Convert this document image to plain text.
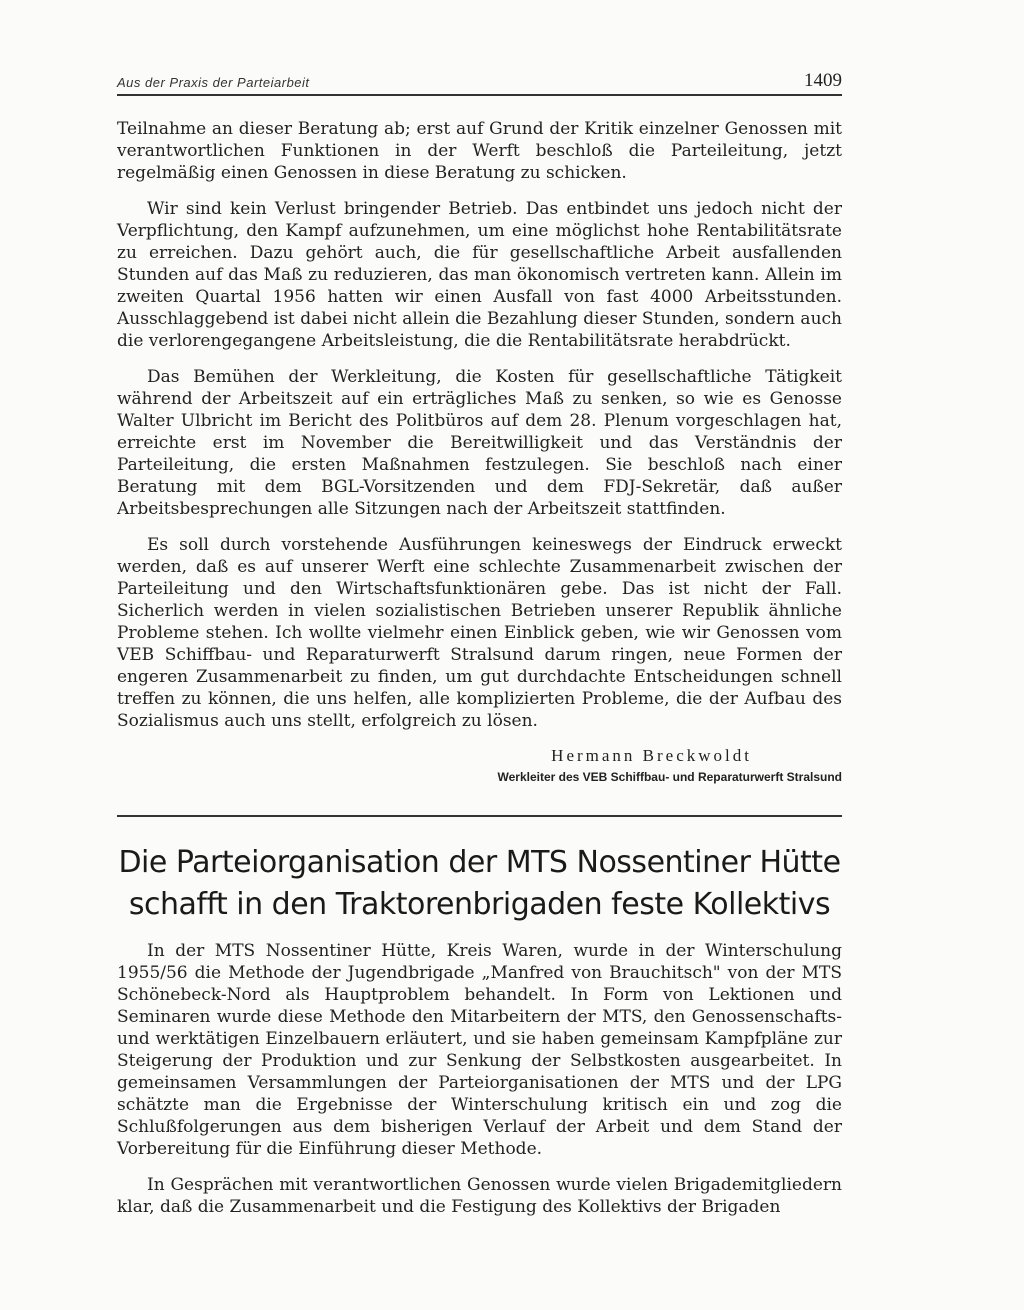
Aus der Praxis der Parteiarbeit	1409

Teilnahme an dieser Beratung ab; erst auf Grund der Kritik einzelner Genossen mit verantwortlichen Funktionen in der Werft beschloß die Parteileitung, jetzt regelmäßig einen Genossen in diese Beratung zu schicken.

Wir sind kein Verlust bringender Betrieb. Das entbindet uns jedoch nicht der Verpflichtung, den Kampf aufzunehmen, um eine möglichst hohe Rentabilitätsrate zu erreichen. Dazu gehört auch, die für gesellschaftliche Arbeit ausfallenden Stunden auf das Maß zu reduzieren, das man ökonomisch vertreten kann. Allein im zweiten Quartal 1956 hatten wir einen Ausfall von fast 4000 Arbeitsstunden. Ausschlaggebend ist dabei nicht allein die Bezahlung dieser Stunden, sondern auch die verlorengegangene Arbeitsleistung, die die Rentabilitätsrate herabdrückt.

Das Bemühen der Werkleitung, die Kosten für gesellschaftliche Tätigkeit während der Arbeitszeit auf ein erträgliches Maß zu senken, so wie es Genosse Walter Ulbricht im Bericht des Politbüros auf dem 28. Plenum vorgeschlagen hat, erreichte erst im November die Bereitwilligkeit und das Verständnis der Parteileitung, die ersten Maßnahmen festzulegen. Sie beschloß nach einer Beratung mit dem BGL-Vorsitzenden und dem FDJ-Sekretär, daß außer Arbeitsbesprechungen alle Sitzungen nach der Arbeitszeit stattfinden.

Es soll durch vorstehende Ausführungen keineswegs der Eindruck erweckt werden, daß es auf unserer Werft eine schlechte Zusammenarbeit zwischen der Parteileitung und den Wirtschaftsfunktionären gebe. Das ist nicht der Fall. Sicherlich werden in vielen sozialistischen Betrieben unserer Republik ähnliche Probleme stehen. Ich wollte vielmehr einen Einblick geben, wie wir Genossen vom VEB Schiffbau- und Reparaturwerft Stralsund darum ringen, neue Formen der engeren Zusammenarbeit zu finden, um gut durchdachte Entscheidungen schnell treffen zu können, die uns helfen, alle komplizierten Probleme, die der Aufbau des Sozialismus auch uns stellt, erfolgreich zu lösen.

Hermann Breckwoldt
Werkleiter des VEB Schiffbau- und Reparaturwerft Stralsund
Die Parteiorganisation der MTS Nossentiner Hütte
schafft in den Traktorenbrigaden feste Kollektivs

In der MTS Nossentiner Hütte, Kreis Waren, wurde in der Winterschulung 1955/56 die Methode der Jugendbrigade „Manfred von Brauchitsch" von der MTS Schönebeck-Nord als Hauptproblem behandelt. In Form von Lektionen und Seminaren wurde diese Methode den Mitarbeitern der MTS, den Genossenschafts- und werktätigen Einzelbauern erläutert, und sie haben gemeinsam Kampfpläne zur Steigerung der Produktion und zur Senkung der Selbstkosten ausgearbeitet. In gemeinsamen Versammlungen der Parteiorganisationen der MTS und der LPG schätzte man die Ergebnisse der Winterschulung kritisch ein und zog die Schlußfolgerungen aus dem bisherigen Verlauf der Arbeit und dem Stand der Vorbereitung für die Einführung dieser Methode.

In Gesprächen mit verantwortlichen Genossen wurde vielen Brigademitgliedern klar, daß die Zusammenarbeit und die Festigung des Kollektivs der Brigaden
